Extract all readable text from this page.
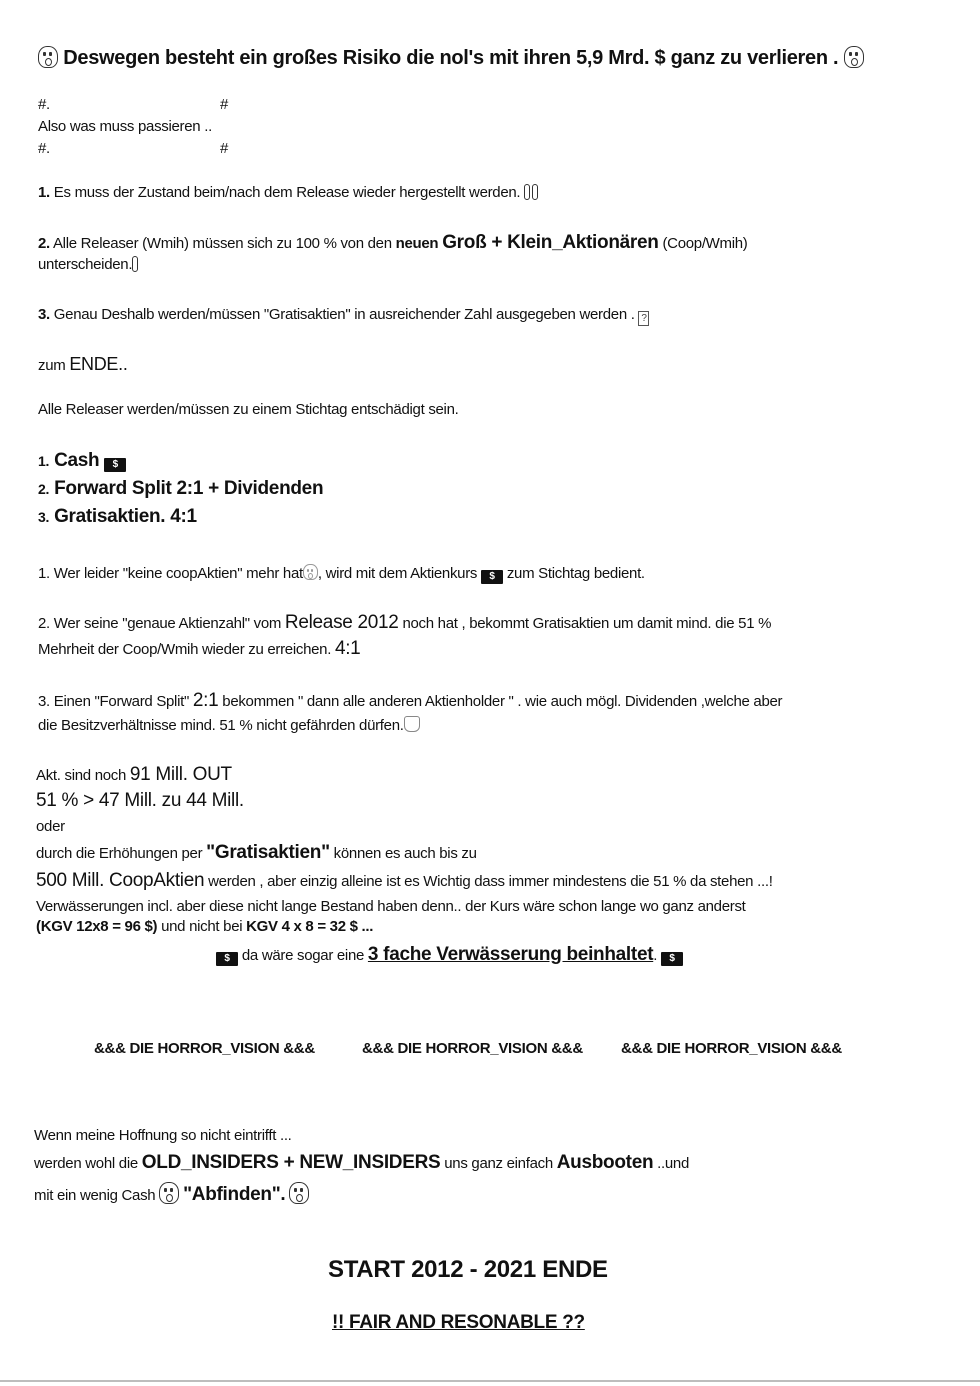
Deswegen besteht ein großes Risiko die nol's mit ihren 5,9 Mrd. $ ganz zu verlieren .
#.	#
Also was muss passieren ..
#.	#
1. Es muss der Zustand beim/nach dem Release wieder hergestellt werden.
2. Alle Releaser (Wmih) müssen sich zu 100 % von den neuen Groß + Klein_Aktionären (Coop/Wmih)
unterscheiden.
3. Genau Deshalb werden/müssen "Gratisaktien" in ausreichender Zahl ausgegeben werden . ?
zum ENDE..
Alle Releaser werden/müssen zu einem Stichtag entschädigt sein.
1. Cash $
2. Forward Split 2:1 + Dividenden
3. Gratisaktien. 4:1
1. Wer leider "keine coopAktien" mehr hat , wird mit dem Aktienkurs $ zum Stichtag bedient.
2. Wer seine "genaue Aktienzahl" vom Release 2012 noch hat , bekommt Gratisaktien um damit mind. die 51 %
Mehrheit der Coop/Wmih wieder zu erreichen. 4:1
3. Einen "Forward Split" 2:1 bekommen " dann alle anderen Aktienholder " . wie auch mögl. Dividenden ,welche aber
die Besitzverhältnisse mind. 51 % nicht gefährden dürfen.
Akt. sind noch 91 Mill. OUT
51 % > 47 Mill. zu 44 Mill.
oder
durch die Erhöhungen per "Gratisaktien" können es auch bis zu
500 Mill. CoopAktien werden , aber einzig alleine ist es Wichtig dass immer mindestens die 51 % da stehen ...!
Verwässerungen incl. aber diese nicht lange Bestand haben denn.. der Kurs wäre schon lange wo ganz anderst
(KGV 12x8 = 96 $) und nicht bei KGV 4 x 8 = 32 $ ...
$ da wäre sogar eine 3 fache Verwässerung beinhaltet. $
&&& DIE HORROR_VISION &&&	&&& DIE HORROR_VISION &&&	&&& DIE HORROR_VISION &&&
Wenn meine Hoffnung so nicht eintrifft ...
werden wohl die OLD_INSIDERS + NEW_INSIDERS uns ganz einfach Ausbooten ..und
mit ein wenig Cash  "Abfinden".
START 2012 - 2021 ENDE
!! FAIR AND RESONABLE ??
